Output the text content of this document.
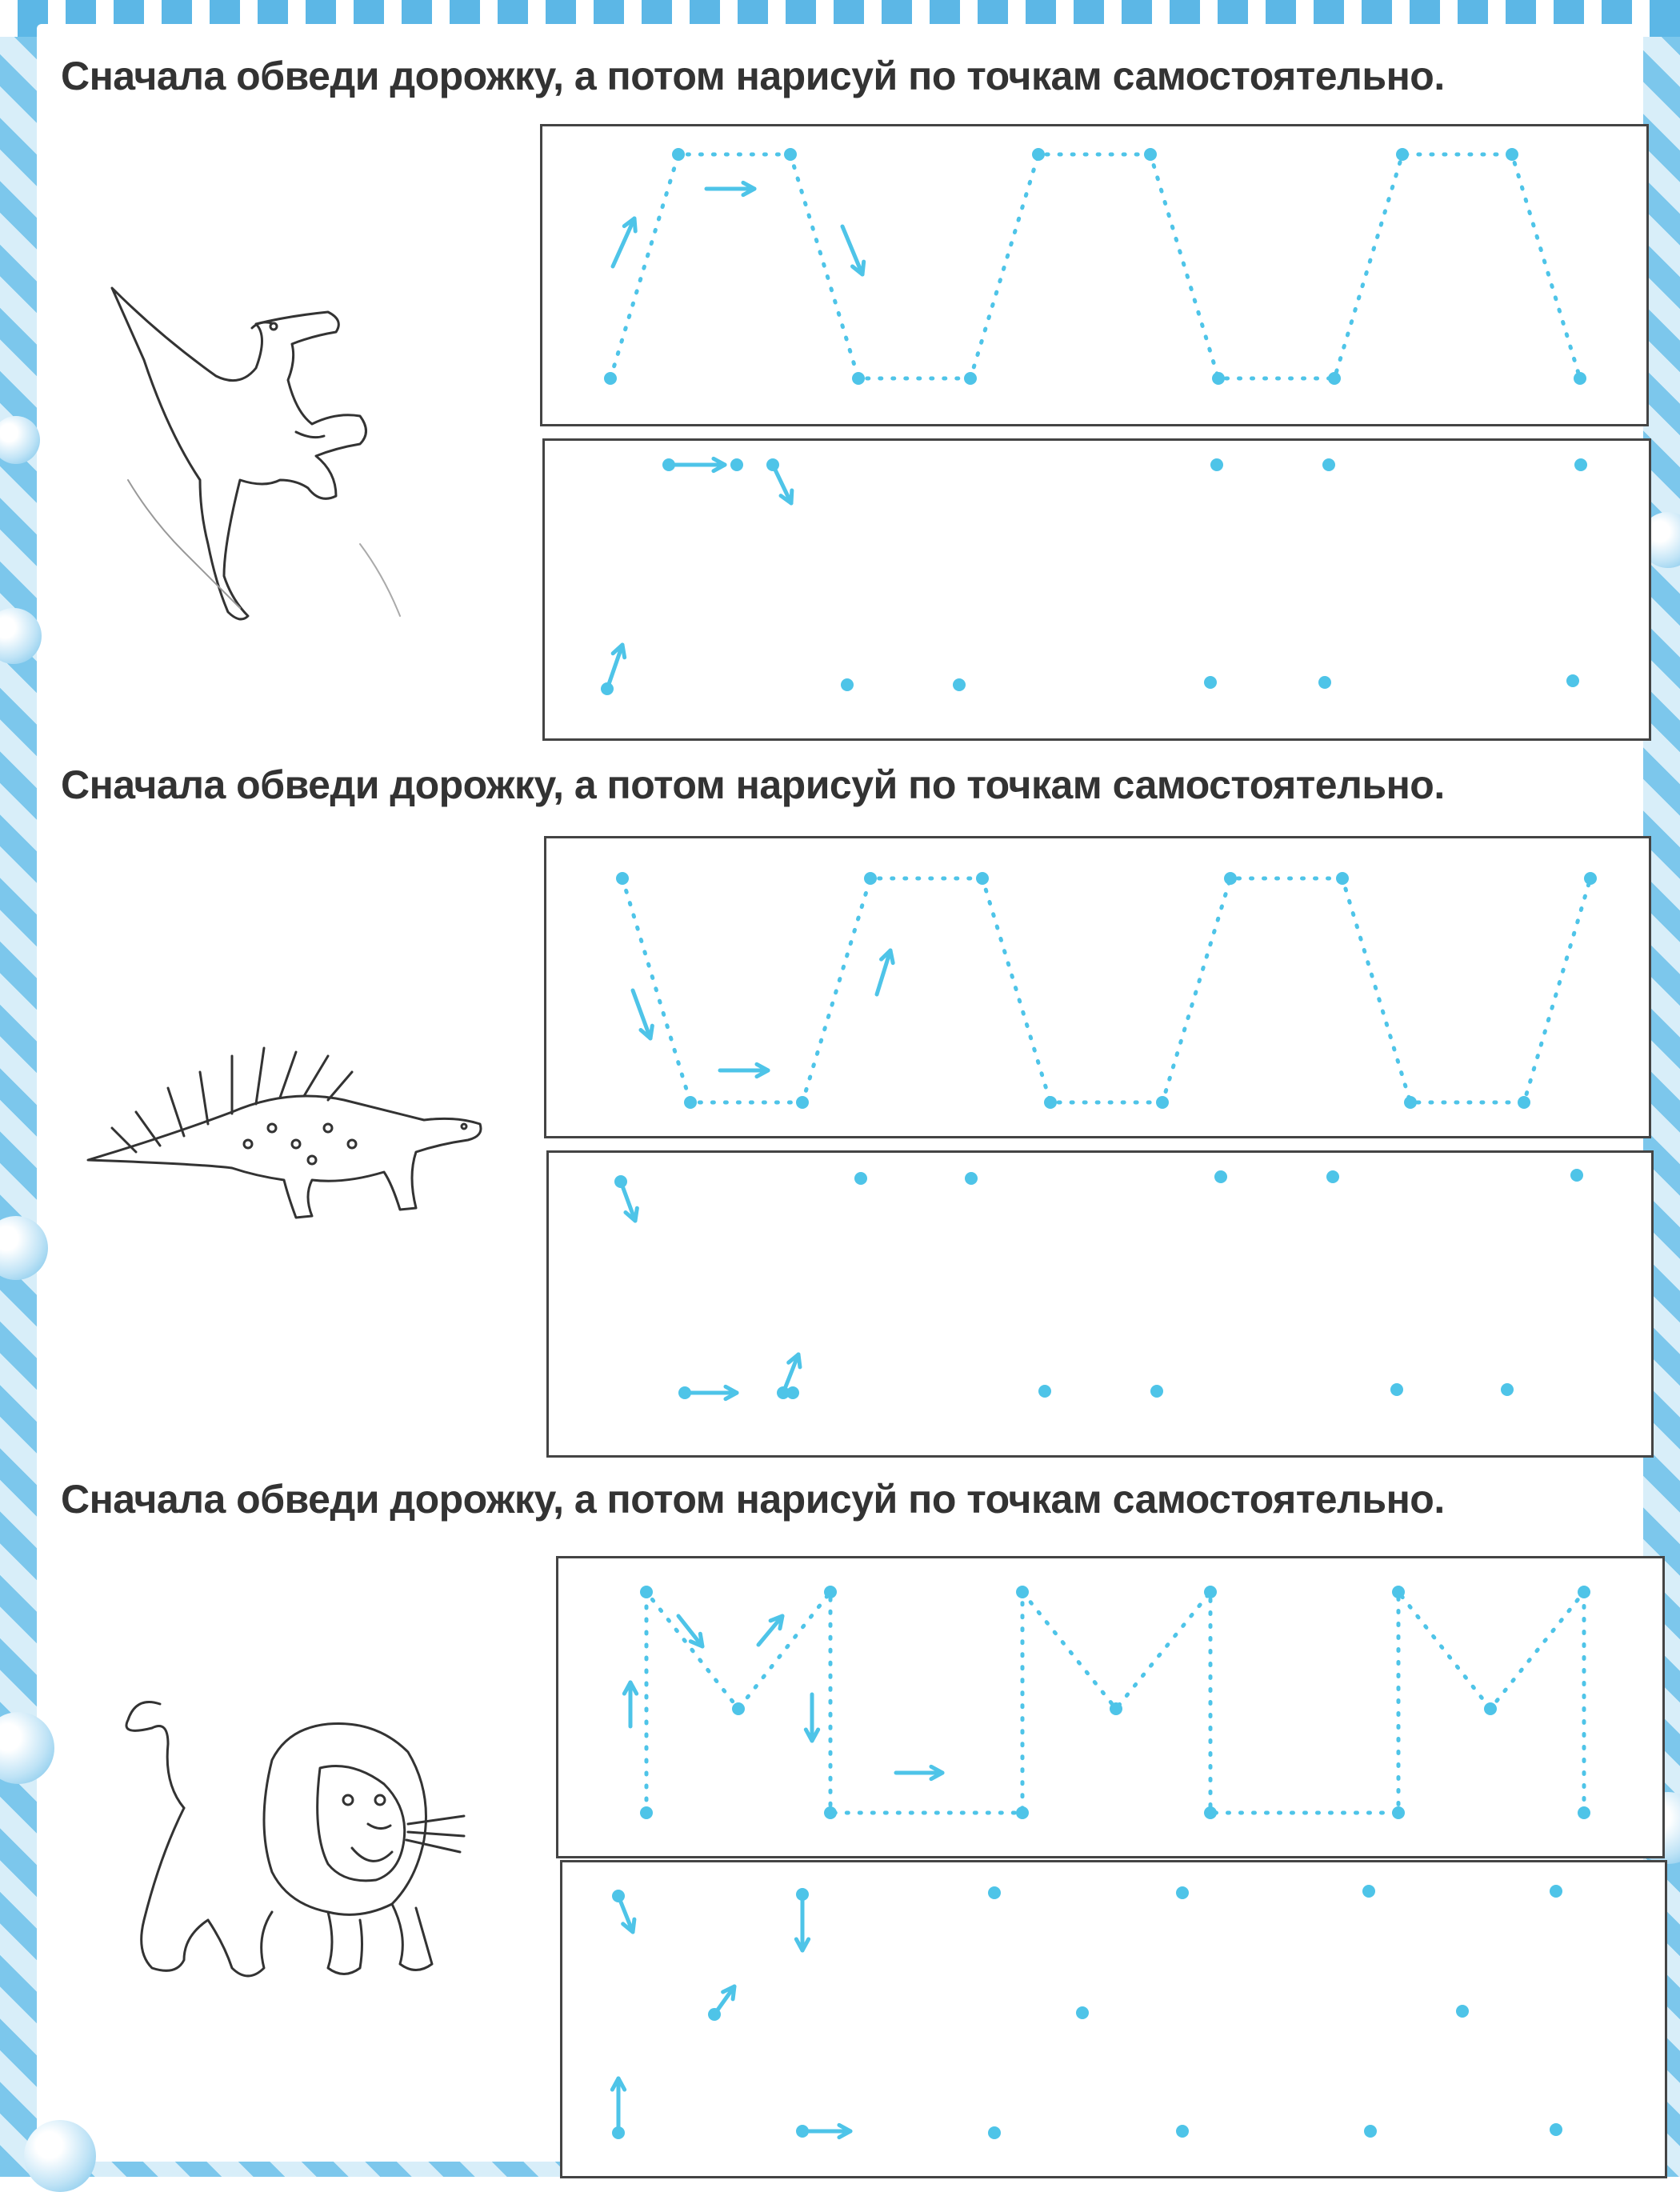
Сначала обведи дорожку, а потом нарисуй по точкам самостоятельно.
Сначала обведи дорожку, а потом нарисуй по точкам самостоятельно.
Сначала обведи дорожку, а потом нарисуй по точкам самостоятельно.
